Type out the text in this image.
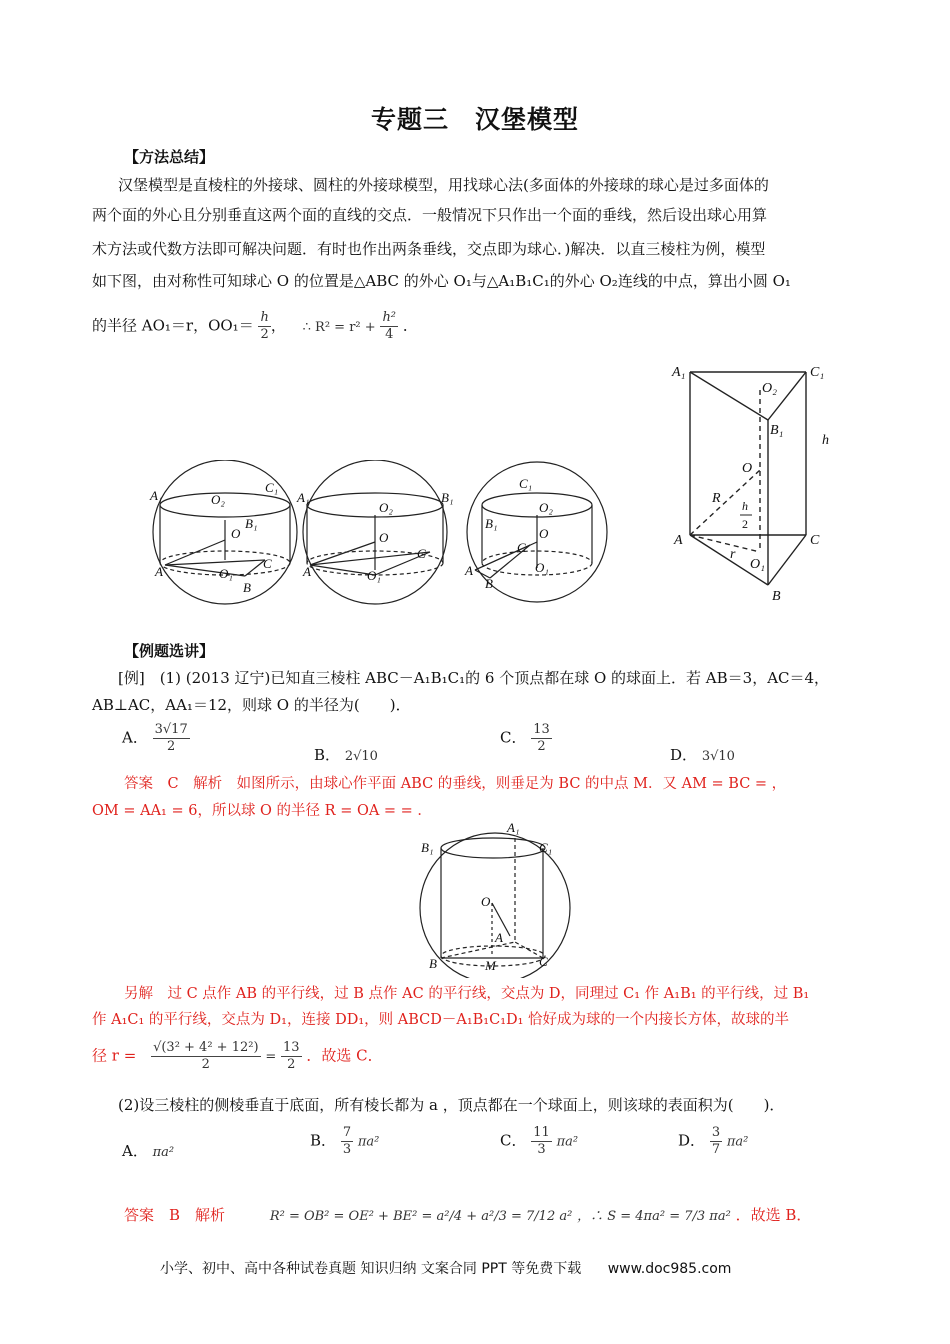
专题三　汉堡模型
【方法总结】
汉堡模型是直棱柱的外接球、圆柱的外接球模型，用找球心法(多面体的外接球的球心是过多面体的
两个面的外心且分别垂直这两个面的直线的交点．一般情况下只作出一个面的垂线，然后设出球心用算
术方法或代数方法即可解决问题．有时也作出两条垂线，交点即为球心．)解决．以直三棱柱为例，模型
如下图，由对称性可知球心 O 的位置是△ABC 的外心 O₁与△A₁B₁C₁的外心 O₂连线的中点，算出小圆 O₁
的半径 AO₁＝r，$OO_1= \frac{h}{2}$ ， ∴ $R^2 = r^2 + \frac{\text{h²}}{4}$ ．
A₁
C₁
B₁
O₂
O
A
C
O₁
B
A₁	B₁
O₂
O
A
C
O₁
C₁
B₁
O₂
O
C
A	O₁
B
A₁	C₁
O₂
B₁
h
O
R h
2
A	C
r
O₁
B
【例题选讲】
[例]　(1) (2013 辽宁)已知直三棱柱 ABC－A₁B₁C₁的 6 个顶点都在球 O 的球面上．若 AB＝3，AC＝4，
AB⊥AC，AA₁＝12，则球 O 的半径为(　　)．
A． $\frac{3√17}{2}$	B． 2√10
C． $\frac{13}{2}$	D． 3√10
答案　C　解析　如图所示，由球心作平面 ABC 的垂线，则垂足为 BC 的中点 M．又 AM = BC = ，
OM = AA₁ = 6，所以球 O 的半径 R = OA = = ．
A₁
B₁	C₁
O
A
B	C
M
另解　过 C 点作 AB 的平行线，过 B 点作 AC 的平行线，交点为 D，同理过 C₁ 作 A₁B₁ 的平行线，过 B₁
作 A₁C₁ 的平行线，交点为 D₁，连接 DD₁，则 ABCD－A₁B₁C₁D₁ 恰好成为球的一个内接长方体，故球的半
径 $r = \frac{\text{√(3² + 4² + 12²)}}{2} = \frac{13}{2}$ ．故选 C．
(2)设三棱柱的侧棱垂直于底面，所有棱长都为 a ，顶点都在一个球面上，则该球的表面积为(　　)．
A． πa²
B． $\frac{7}{3} \pi a^2$	C． $\frac{11}{3} \pi a^2$	D． $\frac{3}{7} \pi a^2$
答案　B　解析	R² = OB² = OE² + BE² = a²/4 + a²/3 = 7/12 a² ，∴ S = 4πa² = 7/3 πa² ．故选 B．
小学、初中、高中各种试卷真题 知识归纳 文案合同 PPT 等免费下载 www.doc985.com
